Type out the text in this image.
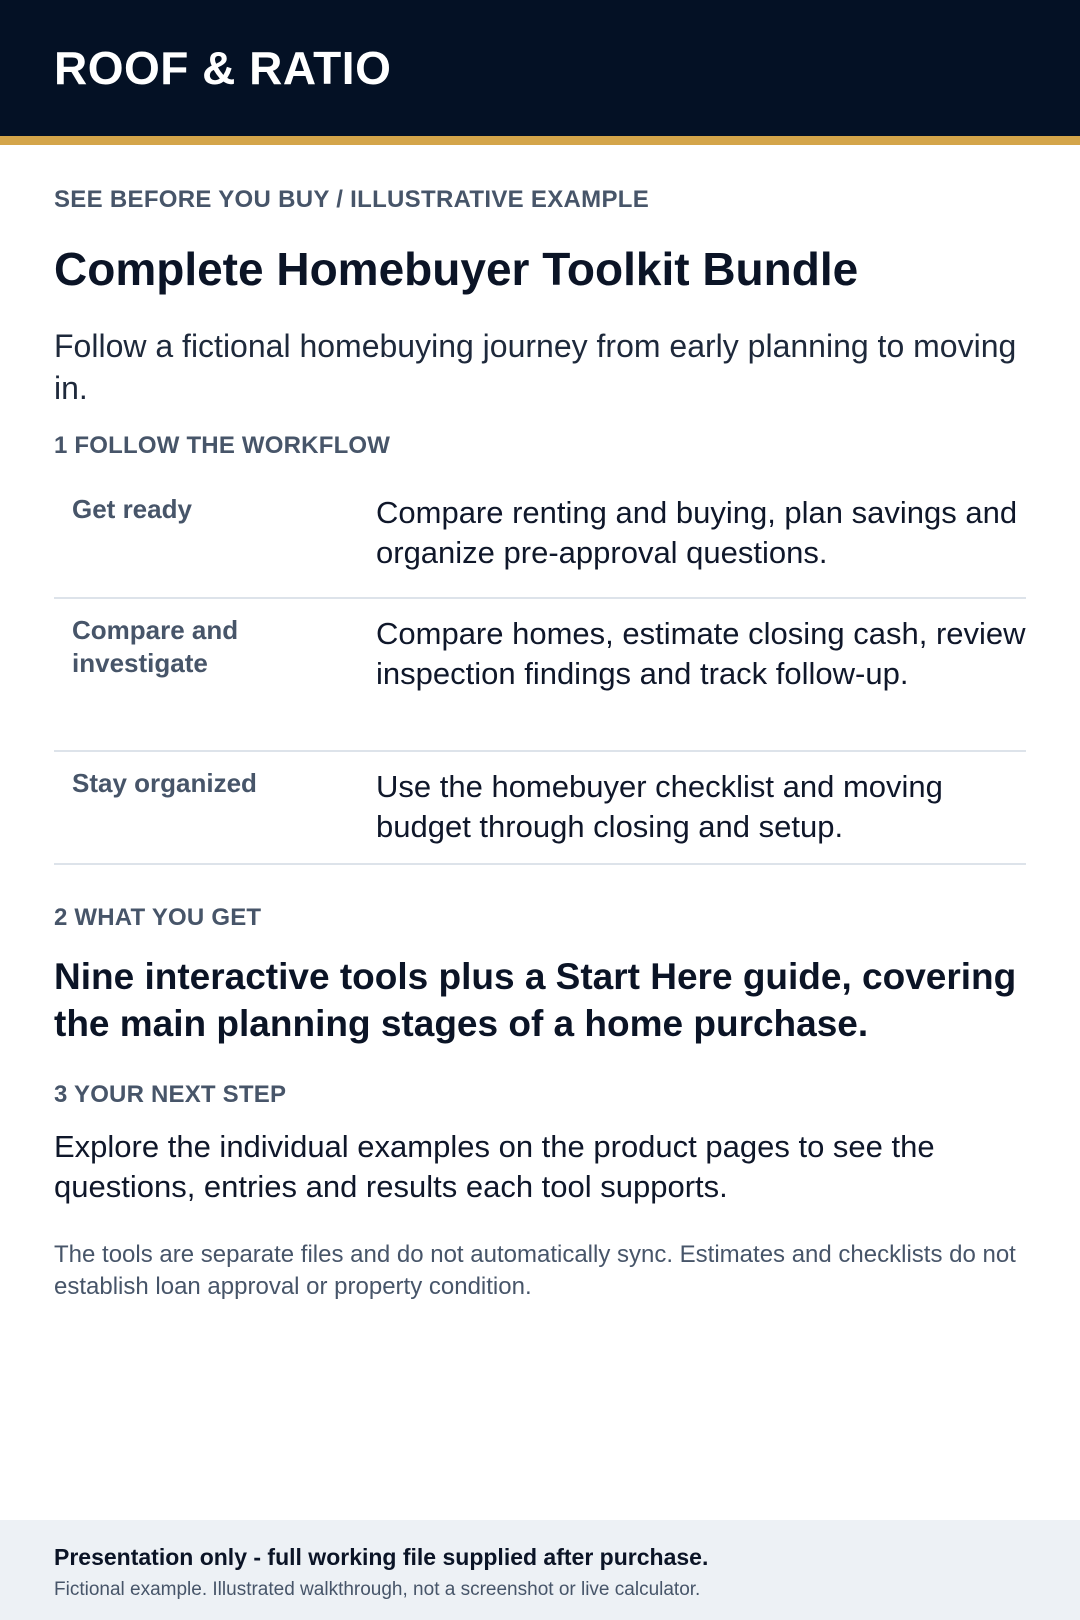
ROOF & RATIO
SEE BEFORE YOU BUY / ILLUSTRATIVE EXAMPLE
Complete Homebuyer Toolkit Bundle
Follow a fictional homebuying journey from early planning to moving in.
1 FOLLOW THE WORKFLOW
Get ready	Compare renting and buying, plan savings and organize pre-approval questions.
Compare and investigate
Compare homes, estimate closing cash, review inspection findings and track follow-up.
Stay organized	Use the homebuyer checklist and moving budget through closing and setup.
2 WHAT YOU GET
Nine interactive tools plus a Start Here guide, covering the main planning stages of a home purchase.
3 YOUR NEXT STEP
Explore the individual examples on the product pages to see the questions, entries and results each tool supports.
The tools are separate files and do not automatically sync. Estimates and checklists do not establish loan approval or property condition.
Presentation only - full working file supplied after purchase.
Fictional example. Illustrated walkthrough, not a screenshot or live calculator.
